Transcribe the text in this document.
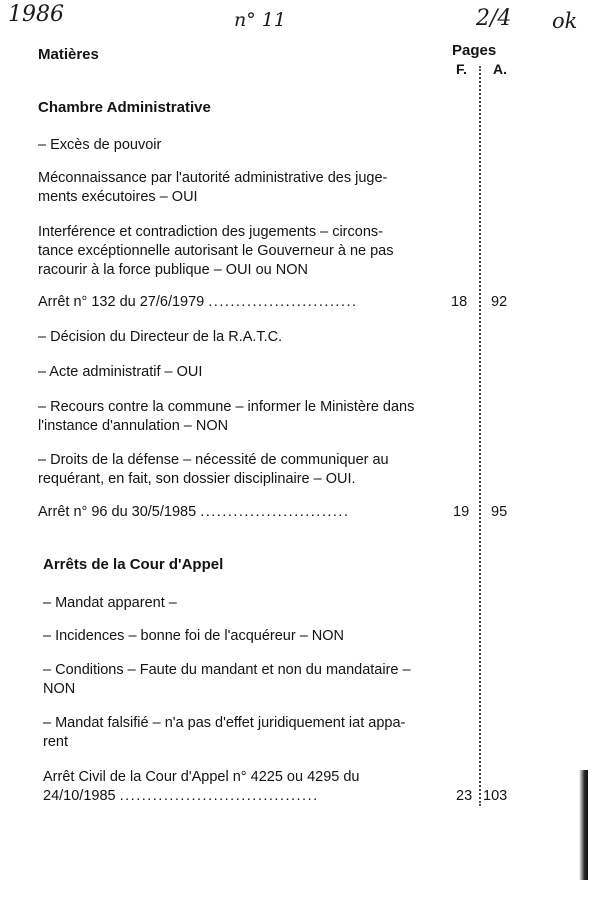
1986	n° 11	2/4 ok
Matières	Pages
F. A.
Chambre Administrative
– Excès de pouvoir
Méconnaissance par l'autorité administrative des juge-
ments exécutoires – OUI
Interférence et contradiction des jugements – circons-
tance excéptionnelle autorisant le Gouverneur à ne pas
racourir à la force publique – OUI ou NON
Arrêt n° 132 du 27/6/1979 ...........................	18 92
– Décision du Directeur de la R.A.T.C.
– Acte administratif – OUI
– Recours contre la commune – informer le Ministère dans
l'instance d'annulation – NON
– Droits de la défense – nécessité de communiquer au
requérant, en fait, son dossier disciplinaire – OUI.
Arrêt n° 96 du 30/5/1985 ...........................	19 95
Arrêts de la Cour d'Appel
– Mandat apparent –
– Incidences – bonne foi de l'acquéreur – NON
– Conditions – Faute du mandant et non du mandataire –
NON
– Mandat falsifié – n'a pas d'effet juridiquement iat appa-
rent
Arrêt Civil de la Cour d'Appel n° 4225 ou 4295 du
24/10/1985 ....................................	23 103
